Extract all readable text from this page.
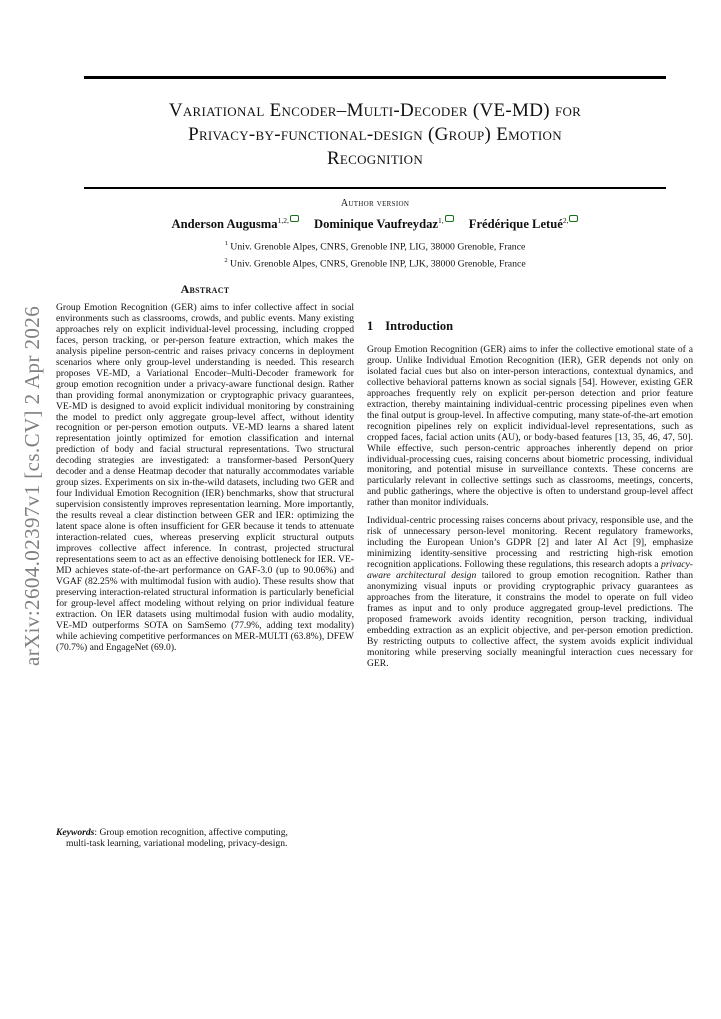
arXiv:2604.02397v1 [cs.CV] 2 Apr 2026
Variational Encoder–Multi-Decoder (VE-MD) for
Privacy-by-functional-design (Group) Emotion
Recognition
Author version
Anderson Augusma$^{1,2,}$ Dominique Vaufreydaz$^{1,}$ Frédérique Letué$^{2,}$
$^1$ Univ. Grenoble Alpes, CNRS, Grenoble INP, LIG, 38000 Grenoble, France
$^2$ Univ. Grenoble Alpes, CNRS, Grenoble INP, LJK, 38000 Grenoble, France
Abstract

Group Emotion Recognition (GER) aims to infer collective affect in social environments such as classrooms, crowds, and public events. Many existing approaches rely on explicit individual-level processing, including cropped faces, person tracking, or per-person feature extraction, which makes the analysis pipeline person-centric and raises privacy concerns in deployment scenarios where only group-level understanding is needed. This research proposes VE-MD, a Variational Encoder–Multi-Decoder framework for group emotion recognition under a privacy-aware functional design. Rather than providing formal anonymization or cryptographic privacy guarantees, VE-MD is designed to avoid explicit individual monitoring by constraining the model to predict only aggregate group-level affect, without identity recognition or per-person emotion outputs. VE-MD learns a shared latent representation jointly optimized for emotion classification and internal prediction of body and facial structural representations. Two structural decoding strategies are investigated: a transformer-based PersonQuery decoder and a dense Heatmap decoder that naturally accommodates variable group sizes. Experiments on six in-the-wild datasets, including two GER and four Individual Emotion Recognition (IER) benchmarks, show that structural supervision consistently improves representation learning. More importantly, the results reveal a clear distinction between GER and IER: optimizing the latent space alone is often insufficient for GER because it tends to attenuate interaction-related cues, whereas preserving explicit structural outputs improves collective affect inference. In contrast, projected structural representations seem to act as an effective denoising bottleneck for IER. VE-MD achieves state-of-the-art performance on GAF-3.0 (up to 90.06%) and VGAF (82.25% with multimodal fusion with audio). These results show that preserving interaction-related structural information is particularly beneficial for group-level affect modeling without relying on prior individual feature extraction. On IER datasets using multimodal fusion with audio modality, VE-MD outperforms SOTA on SamSemo (77.9%, adding text modality) while achieving competitive performances on MER-MULTI (63.8%), DFEW (70.7%) and EngageNet (69.0).

Keywords: Group emotion recognition, affective computing,
multi-task learning, variational modeling, privacy-design.
1 Introduction

Group Emotion Recognition (GER) aims to infer the collective emotional state of a group. Unlike Individual Emotion Recognition (IER), GER depends not only on isolated facial cues but also on inter-person interactions, contextual dynamics, and collective behavioral patterns known as social signals [54]. However, existing GER approaches frequently rely on explicit per-person detection and prior feature extraction, thereby maintaining individual-centric processing pipelines even when the final output is group-level. In affective computing, many state-of-the-art emotion recognition pipelines rely on explicit individual-level representations, such as cropped faces, facial action units (AU), or body-based features [13, 35, 46, 47, 50]. While effective, such person-centric approaches inherently depend on prior individual-processing cues, raising concerns about biometric processing, individual monitoring, and potential misuse in surveillance contexts. These concerns are particularly relevant in collective settings such as classrooms, meetings, concerts, and public gatherings, where the objective is often to understand group-level affect rather than monitor individuals.

Individual-centric processing raises concerns about privacy, responsible use, and the risk of unnecessary person-level monitoring. Recent regulatory frameworks, including the European Union’s GDPR [2] and later AI Act [9], emphasize minimizing identity-sensitive processing and restricting high-risk emotion recognition applications. Following these regulations, this research adopts a privacy-aware architectural design tailored to group emotion recognition. Rather than anonymizing visual inputs or providing cryptographic privacy guarantees as approaches from the literature, it constrains the model to operate on full video frames as input and to only produce aggregated group-level predictions. The proposed framework avoids identity recognition, person tracking, individual embedding extraction as an explicit objective, and per-person emotion prediction. By restricting outputs to collective affect, the system avoids explicit individual monitoring while preserving socially meaningful interaction cues necessary for GER.
